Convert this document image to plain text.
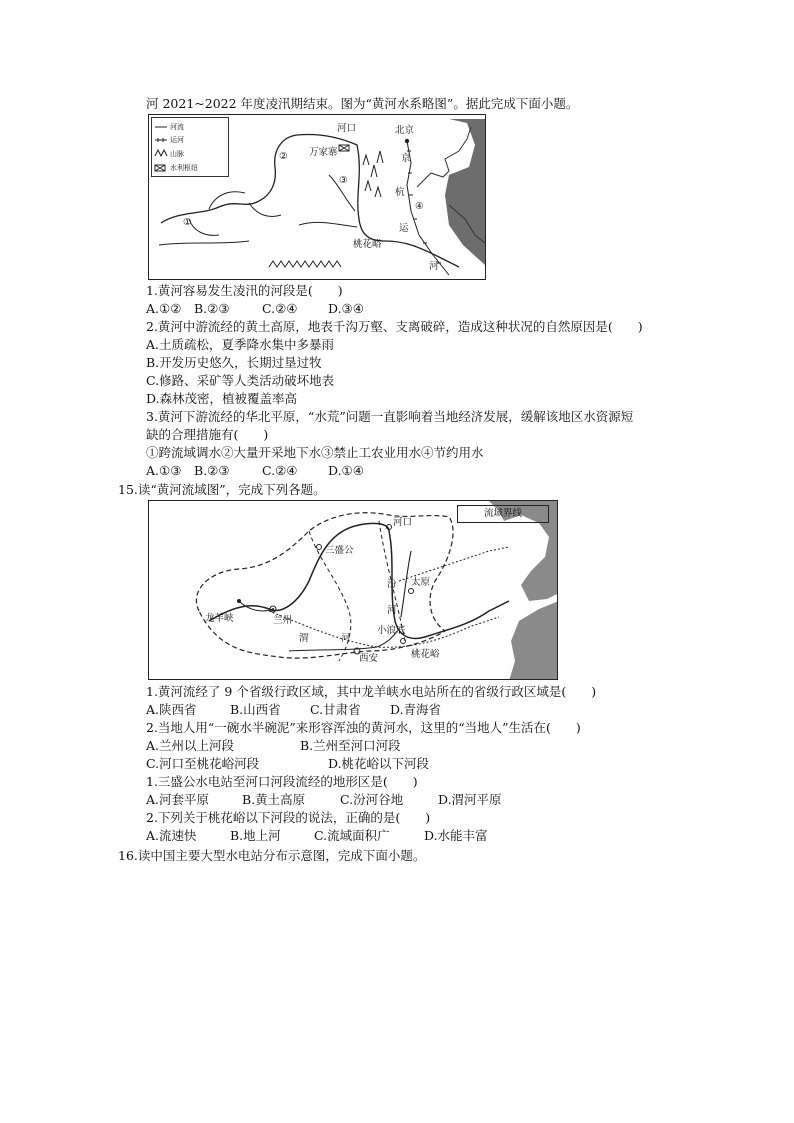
河 2021~2022 年度凌汛期结束。图为“黄河水系略图”。据此完成下面小题。
河流
运河
山脉
水利枢纽
河口	北京
万家寨
桃花峪
①
②
③
④
京
杭
运
河
1.黄河容易发生凌汛的河段是(　　)
A.①② B.②③	C.②④ D.③④
2.黄河中游流经的黄土高原，地表千沟万壑、支离破碎，造成这种状况的自然原因是(　　)
A.土质疏松，夏季降水集中多暴雨
B.开发历史悠久，长期过垦过牧
C.修路、采矿等人类活动破坏地表
D.森林茂密，植被覆盖率高
3.黄河下游流经的华北平原，“水荒”问题一直影响着当地经济发展，缓解该地区水资源短
缺的合理措施有(　　)
①跨流域调水②大量开采地下水③禁止工农业用水④节约用水
A.①③ B.②③	C.②④ D.①④
15.读“黄河流域图”，完成下列各题。
流域界线
河口
三盛公
太原
汾
河
龙羊峡	兰州
小浪底
渭	河
西安	桃花峪
1.黄河流经了 9 个省级行政区域，其中龙羊峡水电站所在的省级行政区域是(　　)
A.陕西省	B.山西省 C.甘肃省 D.青海省
2.当地人用“一碗水半碗泥”来形容浑浊的黄河水，这里的“当地人”生活在(　　)
A.兰州以上河段	B.兰州至河口河段
C.河口至桃花峪河段	D.桃花峪以下河段
1.三盛公水电站至河口河段流经的地形区是(　　)
A.河套平原	B.黄土高原	C.汾河谷地	D.渭河平原
2.下列关于桃花峪以下河段的说法，正确的是(　　)
A.流速快	B.地上河	C.流域面积广	D.水能丰富
16.读中国主要大型水电站分布示意图，完成下面小题。
